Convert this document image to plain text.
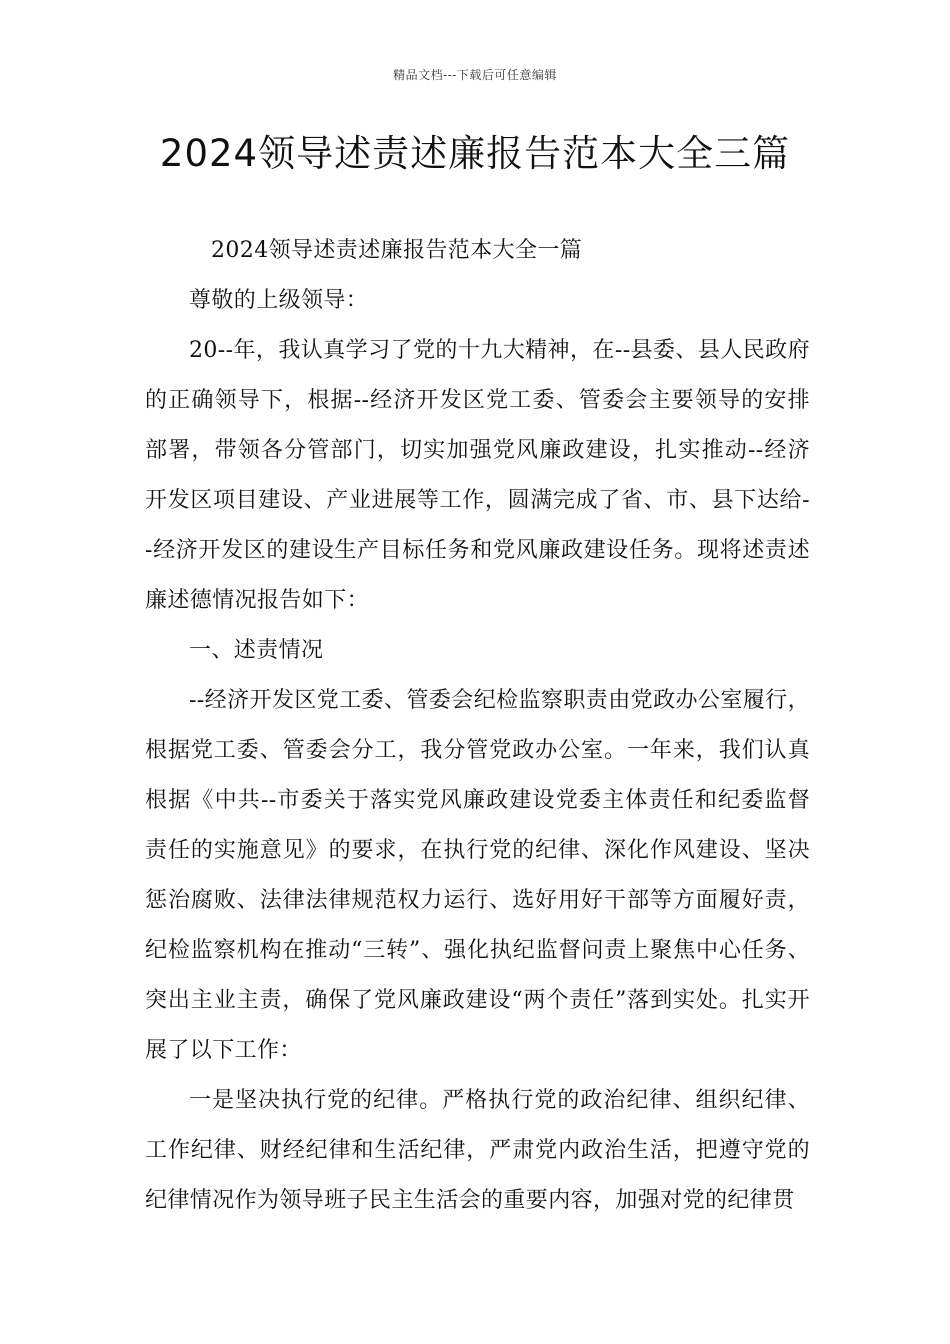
精品文档---下载后可任意编辑
2024领导述责述廉报告范本大全三篇

2024领导述责述廉报告范本大全一篇

尊敬的上级领导：

20--年，我认真学习了党的十九大精神，在--县委、县人民政府的正确领导下，根据--经济开发区党工委、管委会主要领导的安排部署，带领各分管部门，切实加强党风廉政建设，扎实推动--经济开发区项目建设、产业进展等工作，圆满完成了省、市、县下达给--经济开发区的建设生产目标任务和党风廉政建设任务。现将述责述廉述德情况报告如下：

一、述责情况

--经济开发区党工委、管委会纪检监察职责由党政办公室履行，根据党工委、管委会分工，我分管党政办公室。一年来，我们认真根据《中共--市委关于落实党风廉政建设党委主体责任和纪委监督责任的实施意见》的要求，在执行党的纪律、深化作风建设、坚决惩治腐败、法律法律规范权力运行、选好用好干部等方面履好责，纪检监察机构在推动“三转”、强化执纪监督问责上聚焦中心任务、突出主业主责，确保了党风廉政建设“两个责任”落到实处。扎实开展了以下工作：

一是坚决执行党的纪律。严格执行党的政治纪律、组织纪律、工作纪律、财经纪律和生活纪律，严肃党内政治生活，把遵守党的纪律情况作为领导班子民主生活会的重要内容，加强对党的纪律贯
